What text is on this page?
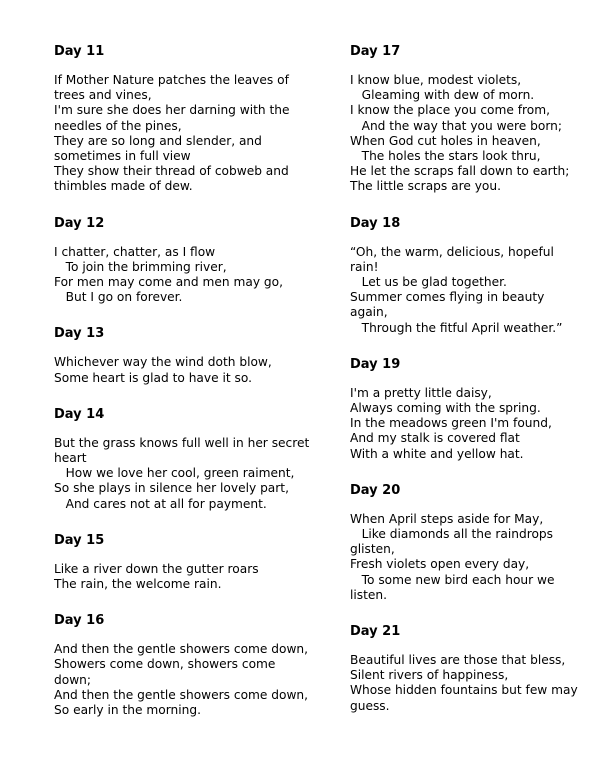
Day 11
If Mother Nature patches the leaves of
trees and vines,
I'm sure she does her darning with the
needles of the pines,
They are so long and slender, and
sometimes in full view
They show their thread of cobweb and
thimbles made of dew.
Day 12
I chatter, chatter, as I flow
To join the brimming river,
For men may come and men may go,
But I go on forever.
Day 13
Whichever way the wind doth blow,
Some heart is glad to have it so.
Day 14
But the grass knows full well in her secret
heart
How we love her cool, green raiment,
So she plays in silence her lovely part,
And cares not at all for payment.
Day 15
Like a river down the gutter roars
The rain, the welcome rain.
Day 16
And then the gentle showers come down,
Showers come down, showers come
down;
And then the gentle showers come down,
So early in the morning.
Day 17
I know blue, modest violets,
Gleaming with dew of morn.
I know the place you come from,
And the way that you were born;
When God cut holes in heaven,
The holes the stars look thru,
He let the scraps fall down to earth;
The little scraps are you.
Day 18
“Oh, the warm, delicious, hopeful
rain!
Let us be glad together.
Summer comes flying in beauty
again,
Through the fitful April weather.”
Day 19
I'm a pretty little daisy,
Always coming with the spring.
In the meadows green I'm found,
And my stalk is covered flat
With a white and yellow hat.
Day 20
When April steps aside for May,
Like diamonds all the raindrops
glisten,
Fresh violets open every day,
To some new bird each hour we
listen.
Day 21
Beautiful lives are those that bless,
Silent rivers of happiness,
Whose hidden fountains but few may
guess.
